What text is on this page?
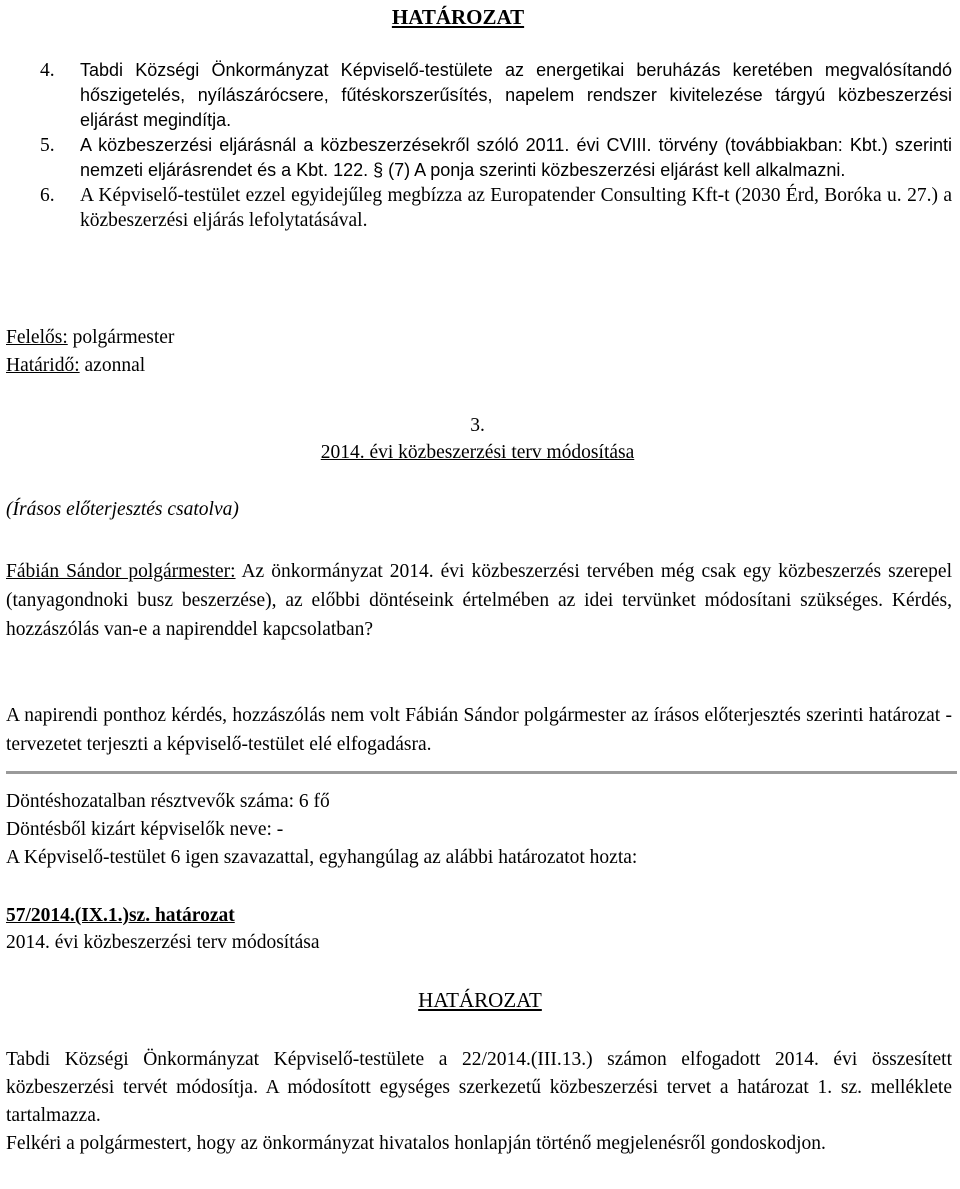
HATÁROZAT
4.	Tabdi Községi Önkormányzat Képviselő-testülete az energetikai beruházás keretében megvalósítandó hőszigetelés, nyílászárócsere, fűtéskorszerűsítés, napelem rendszer kivitelezése tárgyú közbeszerzési eljárást megindítja.
5.	A közbeszerzési eljárásnál a közbeszerzésekről szóló 2011. évi CVIII. törvény (továbbiakban: Kbt.) szerinti nemzeti eljárásrendet és a Kbt. 122. § (7) A ponja szerinti közbeszerzési eljárást kell alkalmazni.
6.	A Képviselő-testület ezzel egyidejűleg megbízza az Europatender Consulting Kft-t (2030 Érd, Boróka u. 27.) a közbeszerzési eljárás lefolytatásával.
Felelős: polgármester
Határidő: azonnal
3.
2014. évi közbeszerzési terv módosítása
(Írásos előterjesztés csatolva)
Fábián Sándor polgármester: Az önkormányzat 2014. évi közbeszerzési tervében még csak egy közbeszerzés szerepel (tanyagondnoki busz beszerzése), az előbbi döntéseink értelmében az idei tervünket módosítani szükséges. Kérdés, hozzászólás van-e a napirenddel kapcsolatban?
A napirendi ponthoz kérdés, hozzászólás nem volt Fábián Sándor polgármester az írásos előterjesztés szerinti határozat - tervezetet terjeszti a képviselő-testület elé elfogadásra.
Döntéshozatalban résztvevők száma: 6 fő
Döntésből kizárt képviselők neve: -
A Képviselő-testület 6 igen szavazattal, egyhangúlag az alábbi határozatot hozta:
57/2014.(IX.1.)sz. határozat
2014. évi közbeszerzési terv módosítása
HATÁROZAT
Tabdi Községi Önkormányzat Képviselő-testülete a 22/2014.(III.13.) számon elfogadott 2014. évi összesített közbeszerzési tervét módosítja. A módosított egységes szerkezetű közbeszerzési tervet a határozat 1. sz. melléklete tartalmazza.
Felkéri a polgármestert, hogy az önkormányzat hivatalos honlapján történő megjelenésről gondoskodjon.
